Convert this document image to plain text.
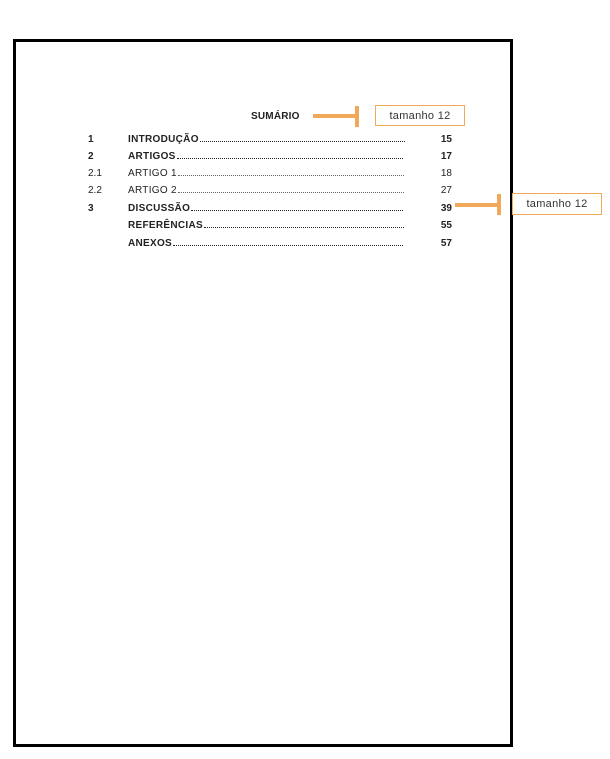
SUMÁRIO
1	INTRODUÇÃO	15
2	ARTIGOS	17
2.1	ARTIGO 1	18
2.2	ARTIGO 2	27
3	DISCUSSÃO	39
REFERÊNCIAS	55
ANEXOS	57
tamanho 12
tamanho 12
